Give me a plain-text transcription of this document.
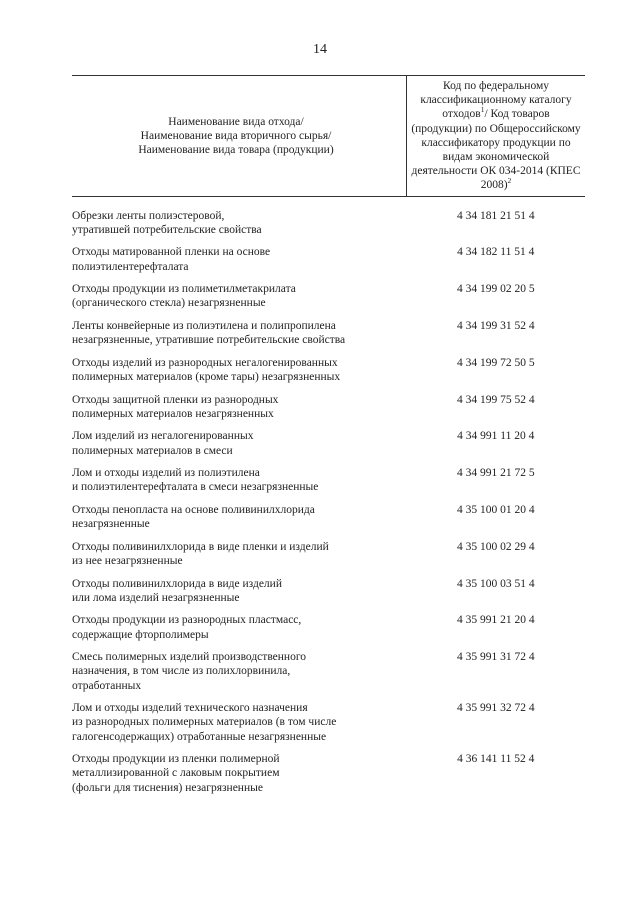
14
Наименование вида отхода/
Наименование вида вторичного сырья/
Наименование вида товара (продукции)	Код по федеральному классификационному каталогу отходов$^1$/ Код товаров (продукции) по Общероссийскому классификатору продукции по видам экономической деятельности ОК 034-2014 (КПЕС 2008)$^2$

Обрезки ленты полиэстеровой,
утратившей потребительские свойства	4 34 181 21 51 4

Отходы матированной пленки на основе
полиэтилентерефталата	4 34 182 11 51 4

Отходы продукции из полиметилметакрилата
(органического стекла) незагрязненные	4 34 199 02 20 5

Ленты конвейерные из полиэтилена и полипропилена
незагрязненные, утратившие потребительские свойства	4 34 199 31 52 4

Отходы изделий из разнородных негалогенированных
полимерных материалов (кроме тары) незагрязненных	4 34 199 72 50 5

Отходы защитной пленки из разнородных
полимерных материалов незагрязненных	4 34 199 75 52 4

Лом изделий из негалогенированных
полимерных материалов в смеси	4 34 991 11 20 4

Лом и отходы изделий из полиэтилена
и полиэтилентерефталата в смеси незагрязненные	4 34 991 21 72 5

Отходы пенопласта на основе поливинилхлорида
незагрязненные	4 35 100 01 20 4

Отходы поливинилхлорида в виде пленки и изделий
из нее незагрязненные	4 35 100 02 29 4

Отходы поливинилхлорида в виде изделий
или лома изделий незагрязненные	4 35 100 03 51 4

Отходы продукции из разнородных пластмасс,
содержащие фторполимеры	4 35 991 21 20 4

Смесь полимерных изделий производственного
назначения, в том числе из полихлорвинила,
отработанных	4 35 991 31 72 4

Лом и отходы изделий технического назначения
из разнородных полимерных материалов (в том числе
галогенсодержащих) отработанные незагрязненные	4 35 991 32 72 4

Отходы продукции из пленки полимерной
металлизированной с лаковым покрытием
(фольги для тиснения) незагрязненные	4 36 141 11 52 4
